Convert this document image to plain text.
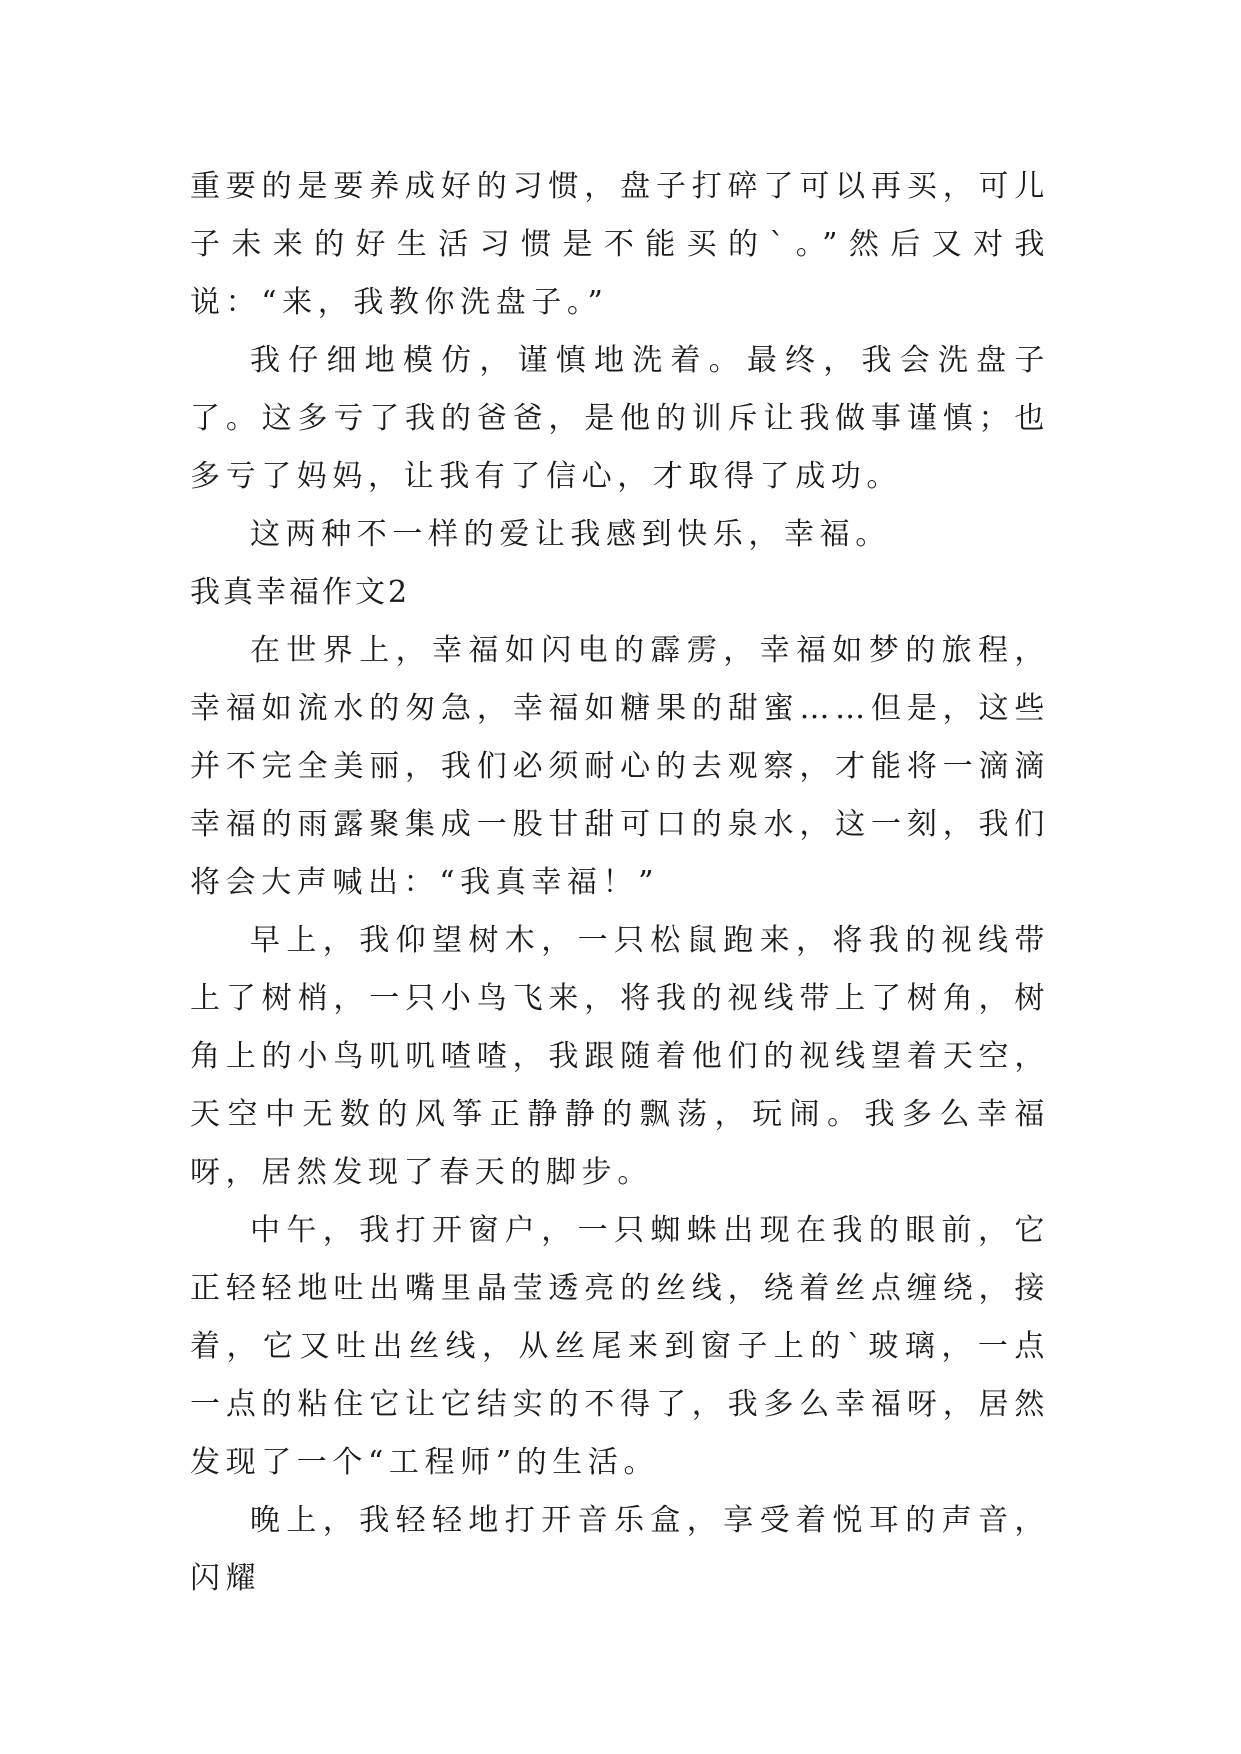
重要的是要养成好的习惯，盘子打碎了可以再买，可儿子未来的好生活习惯是不能买的`。”然后又对我说：“来，我教你洗盘子。”

我仔细地模仿，谨慎地洗着。最终，我会洗盘子了。这多亏了我的爸爸，是他的训斥让我做事谨慎；也多亏了妈妈，让我有了信心，才取得了成功。

这两种不一样的爱让我感到快乐，幸福。

我真幸福作文2

在世界上，幸福如闪电的霹雳，幸福如梦的旅程，幸福如流水的匆急，幸福如糖果的甜蜜……但是，这些并不完全美丽，我们必须耐心的去观察，才能将一滴滴幸福的雨露聚集成一股甘甜可口的泉水，这一刻，我们将会大声喊出：“我真幸福！”

早上，我仰望树木，一只松鼠跑来，将我的视线带上了树梢，一只小鸟飞来，将我的视线带上了树角，树角上的小鸟叽叽喳喳，我跟随着他们的视线望着天空，天空中无数的风筝正静静的飘荡，玩闹。我多么幸福呀，居然发现了春天的脚步。

中午，我打开窗户，一只蜘蛛出现在我的眼前，它正轻轻地吐出嘴里晶莹透亮的丝线，绕着丝点缠绕，接着，它又吐出丝线，从丝尾来到窗子上的`玻璃，一点一点的粘住它让它结实的不得了，我多么幸福呀，居然发现了一个“工程师”的生活。

晚上，我轻轻地打开音乐盒，享受着悦耳的声音，闪耀
